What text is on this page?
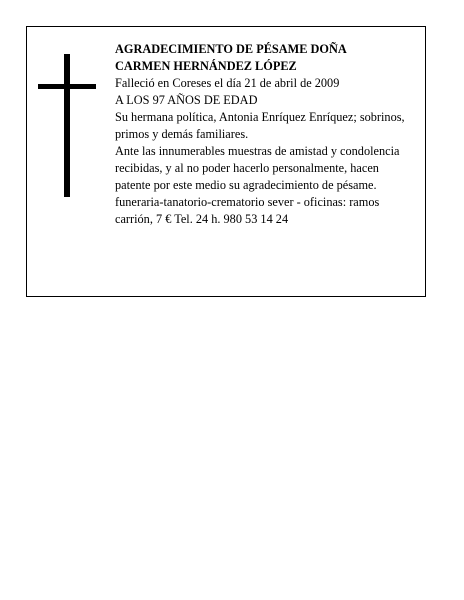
AGRADECIMIENTO DE PÉSAME DOÑA

CARMEN HERNÁNDEZ LÓPEZ

Falleció en Coreses el día 21 de abril de 2009

A LOS 97 AÑOS DE EDAD

Su hermana política, Antonia Enríquez Enríquez; sobrinos, primos y demás familiares.

Ante las innumerables muestras de amistad y condolencia recibidas, y al no poder hacerlo personalmente, hacen patente por este medio su agradecimiento de pésame.

funeraria-tanatorio-crematorio sever - oficinas: ramos carrión, 7 € Tel. 24 h. 980 53 14 24
